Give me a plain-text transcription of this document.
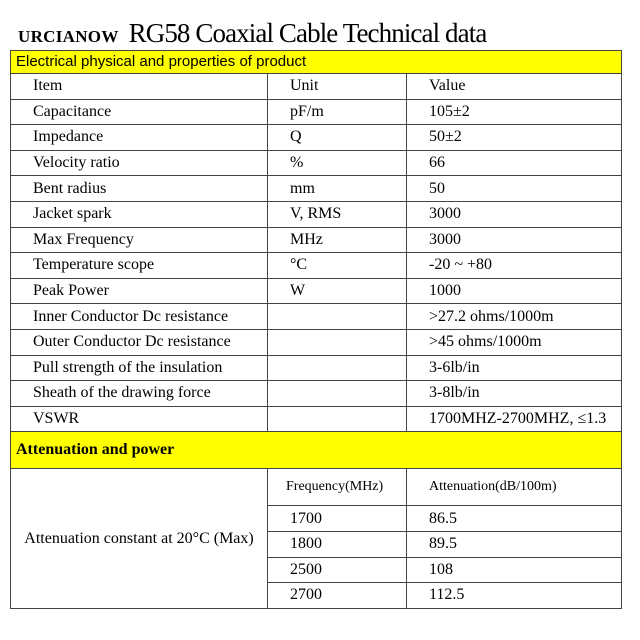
URCIANOW RG58 Coaxial Cable Technical data
Electrical physical and properties of product		
Item	Unit	Value
Capacitance	pF/m	105±2
Impedance	Q	50±2
Velocity ratio	%	66
Bent radius	mm	50
Jacket spark	V, RMS	3000
Max Frequency	MHz	3000
Temperature scope	°C	-20 ~ +80
Peak Power	W	1000
Inner Conductor Dc resistance		>27.2 ohms/1000m
Outer Conductor Dc resistance		>45 ohms/1000m
Pull strength of the insulation		3-6lb/in
Sheath of the drawing force		3-8lb/in
VSWR		1700MHZ-2700MHZ, ≤1.3
Attenuation and power		
Attenuation constant at 20°C (Max)	Frequency(MHz)	Attenuation(dB/100m)
	1700	86.5
	1800	89.5
	2500	108
	2700	112.5
